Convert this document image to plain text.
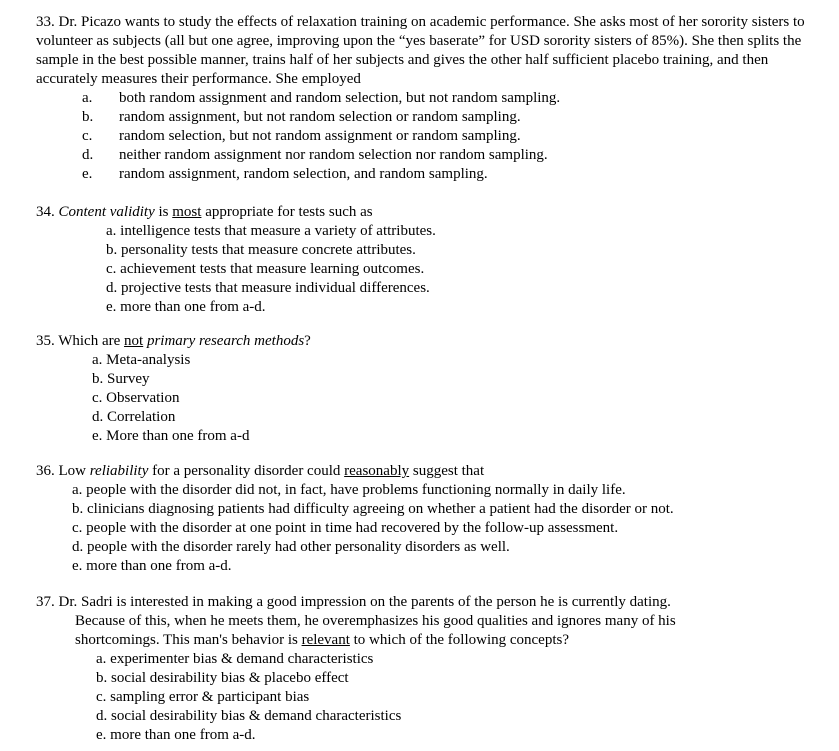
33. Dr. Picazo wants to study the effects of relaxation training on academic performance. She asks most of her sorority sisters to volunteer as subjects (all but one agree, improving upon the “yes baserate” for USD sorority sisters of 85%). She then splits the sample in the best possible manner, trains half of her subjects and gives the other half sufficient placebo training, and then accurately measures their performance. She employed

a. both random assignment and random selection, but not random sampling.
b. random assignment, but not random selection or random sampling.
c. random selection, but not random assignment or random sampling.
d. neither random assignment nor random selection nor random sampling.
e. random assignment, random selection, and random sampling.
34. Content validity is most appropriate for tests such as
a. intelligence tests that measure a variety of attributes.
b. personality tests that measure concrete attributes.
c. achievement tests that measure learning outcomes.
d. projective tests that measure individual differences.
e. more than one from a-d.
35. Which are not primary research methods?
a. Meta-analysis
b. Survey
c. Observation
d. Correlation
e. More than one from a-d
36. Low reliability for a personality disorder could reasonably suggest that
a. people with the disorder did not, in fact, have problems functioning normally in daily life.
b. clinicians diagnosing patients had difficulty agreeing on whether a patient had the disorder or not.
c. people with the disorder at one point in time had recovered by the follow-up assessment.
d. people with the disorder rarely had other personality disorders as well.
e. more than one from a-d.
37. Dr. Sadri is interested in making a good impression on the parents of the person he is currently dating.
Because of this, when he meets them, he overemphasizes his good qualities and ignores many of his
shortcomings. This man's behavior is relevant to which of the following concepts?
a. experimenter bias & demand characteristics
b. social desirability bias & placebo effect
c. sampling error & participant bias
d. social desirability bias & demand characteristics
e. more than one from a-d.
